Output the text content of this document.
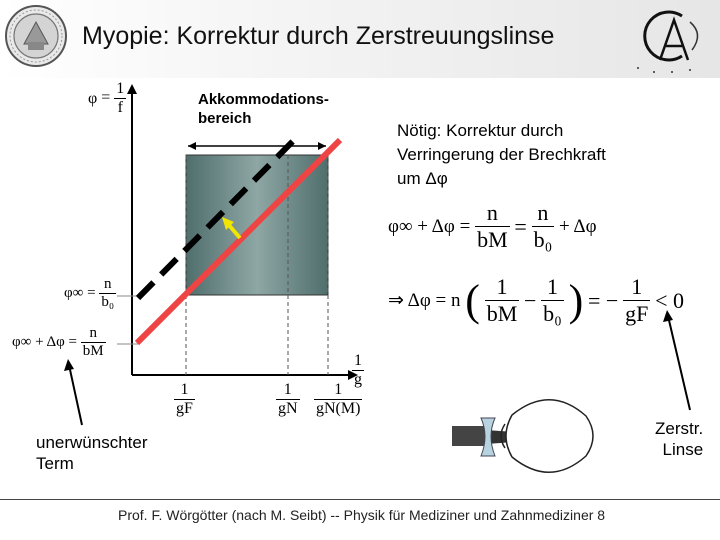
Myopie: Korrektur durch Zerstreuungslinse
$\varphi = \frac{1}{f}$
$\varphi\infty = \frac{n}{\text{b₀}}$
$\varphi\infty + \Delta\varphi = \frac{n}{bM}$
$\frac{1}{g}$
$\frac{1}{gF}$	$\frac{1}{gN} \frac{1}{gN(M)}$
Akkommodations-
bereich
Nötig: Korrektur durch
Verringerung der Brechkraft
um Δφ
$\varphi\infty + \Delta\varphi = \frac{n}{bM} = \frac{n}{\text{b₀}} + \Delta\varphi$
⇒ Δφ = n ( $\frac{1}{bM} - \frac{1}{\text{b₀}}$ ) = − $\frac{1}{gF} < 0$
unerwünschter
Term
Zerstr.
Linse
Prof. F. Wörgötter (nach M. Seibt) -- Physik für Mediziner und Zahnmediziner 8
